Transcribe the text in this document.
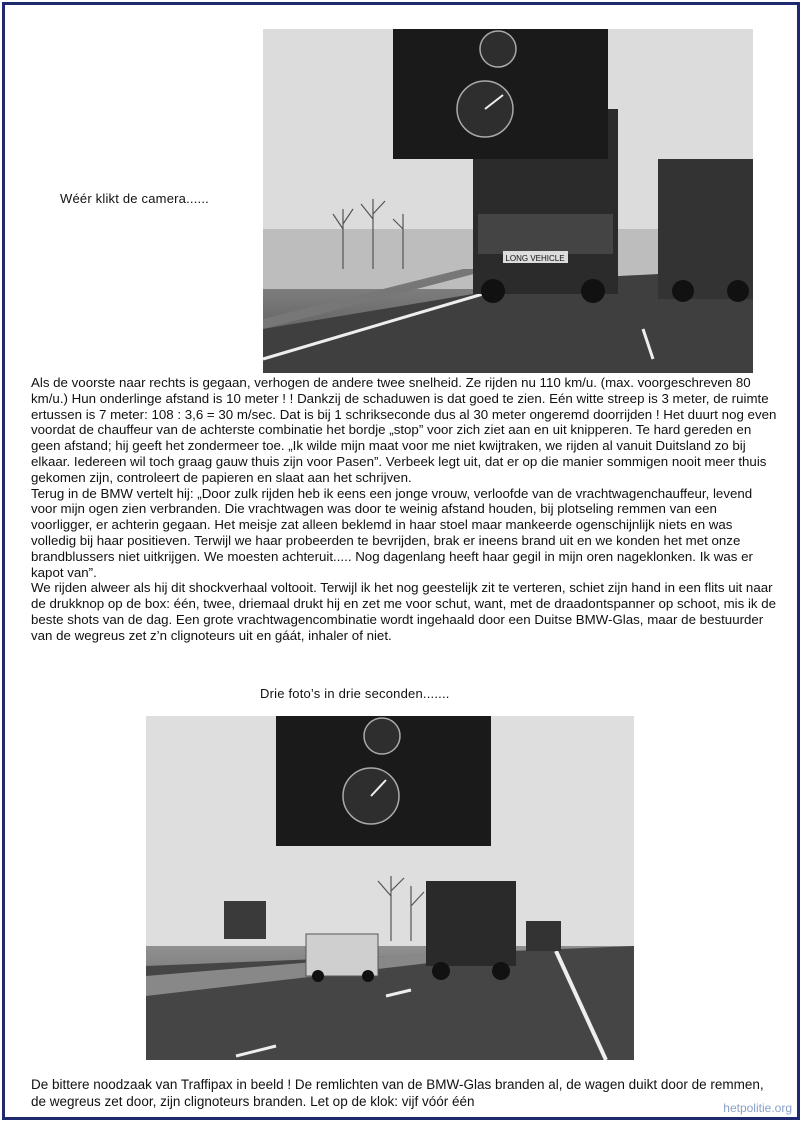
LONG VEHICLE
Wéér klikt de camera......

Als de voorste naar rechts is gegaan, verhogen de andere twee snelheid. Ze rijden nu 110 km/u. (max. voorgeschreven 80 km/u.) Hun onderlinge afstand is 10 meter ! ! Dankzij de schaduwen is dat goed te zien. Eén witte streep is 3 meter, de ruimte ertussen is 7 meter: 108 : 3,6 = 30 m/sec. Dat is bij 1 schrikseconde dus al 30 meter ongeremd doorrijden ! Het duurt nog even voordat de chauffeur van de achterste combinatie het bordje „stop” voor zich ziet aan en uit knipperen. Te hard gereden en geen afstand; hij geeft het zondermeer toe. „Ik wilde mijn maat voor me niet kwijtraken, we rijden al vanuit Duitsland zo bij elkaar. Iedereen wil toch graag gauw thuis zijn voor Pasen”. Verbeek legt uit, dat er op die manier sommigen nooit meer thuis gekomen zijn, controleert de papieren en slaat aan het schrijven.

Terug in de BMW vertelt hij: „Door zulk rijden heb ik eens een jonge vrouw, verloofde van de vrachtwagenchauffeur, levend voor mijn ogen zien verbranden. Die vrachtwagen was door te weinig afstand houden, bij plotseling remmen van een voorligger, er achterin gegaan. Het meisje zat alleen beklemd in haar stoel maar mankeerde ogenschijnlijk niets en was volledig bij haar positieven. Terwijl we haar probeerden te bevrijden, brak er ineens brand uit en we konden het met onze brandblussers niet uitkrijgen. We moesten achteruit..... Nog dagenlang heeft haar gegil in mijn oren nageklonken. Ik was er kapot van”.

We rijden alweer als hij dit shockverhaal voltooit. Terwijl ik het nog geestelijk zit te verteren, schiet zijn hand in een flits uit naar de drukknop op de box: één, twee, driemaal drukt hij en zet me voor schut, want, met de draadontspanner op schoot, mis ik de beste shots van de dag. Een grote vrachtwagencombinatie wordt ingehaald door een Duitse BMW-Glas, maar de bestuurder van de wegreus zet z’n clignoteurs uit en gáát, inhaler of niet.

Drie foto’s in drie seconden.......

De bittere noodzaak van Traffipax in beeld ! De remlichten van de BMW-Glas branden al, de wagen duikt door de remmen, de wegreus zet door, zijn clignoteurs branden. Let op de klok: vijf vóór één	hetpolitie.org
